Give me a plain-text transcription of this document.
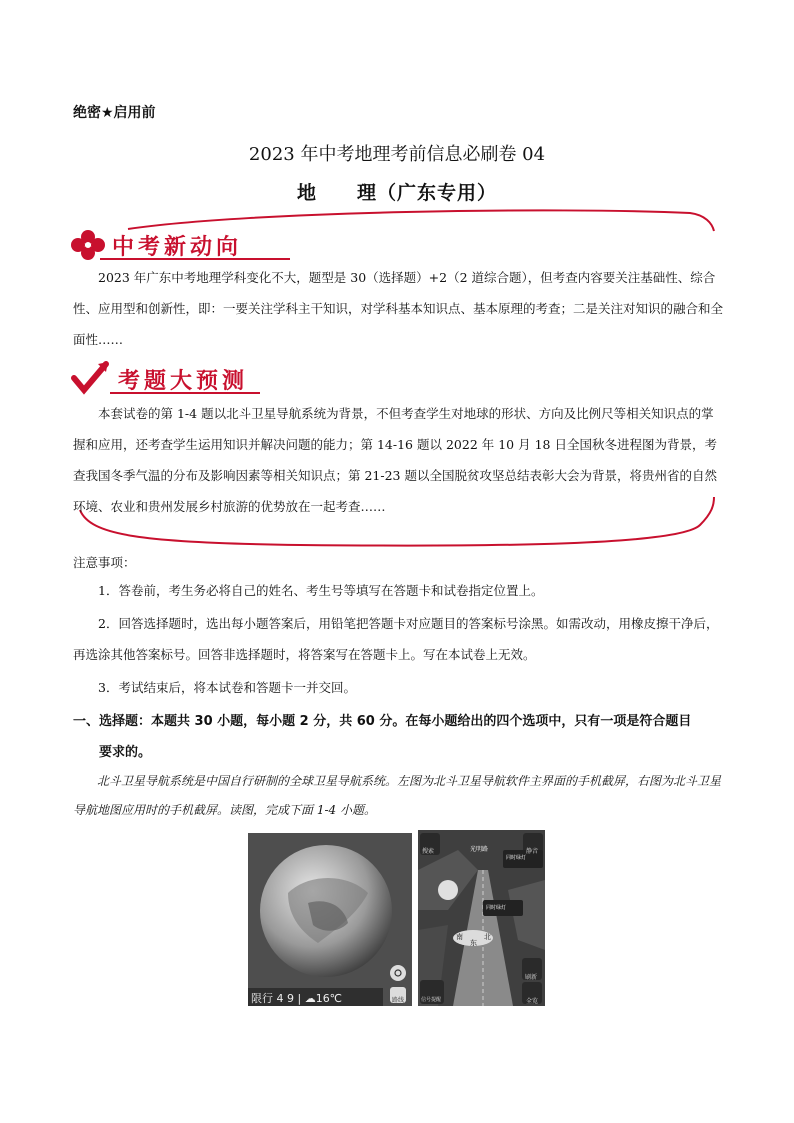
绝密★启用前
2023 年中考地理考前信息必刷卷 04
地　　理（广东专用）
中考新动向
2023 年广东中考地理学科变化不大，题型是 30（选择题）+2（2 道综合题），但考查内容要关注基础性、综合性、应用型和创新性，即：一要关注学科主干知识，对学科基本知识点、基本原理的考查；二是关注对知识的融合和全面性……
考题大预测
本套试卷的第 1-4 题以北斗卫星导航系统为背景，不但考查学生对地球的形状、方向及比例尺等相关知识点的掌握和应用，还考查学生运用知识并解决问题的能力；第 14-16 题以 2022 年 10 月 18 日全国秋冬进程图为背景，考查我国冬季气温的分布及影响因素等相关知识点；第 21-23 题以全国脱贫攻坚总结表彰大会为背景，将贵州省的自然环境、农业和贵州发展乡村旅游的优势放在一起考查……
注意事项：
1．答卷前，考生务必将自己的姓名、考生号等填写在答题卡和试卷指定位置上。
2．回答选择题时，选出每小题答案后，用铅笔把答题卡对应题目的答案标号涂黑。如需改动，用橡皮擦干净后，再选涂其他答案标号。回答非选择题时，将答案写在答题卡上。写在本试卷上无效。
3．考试结束后，将本试卷和答题卡一并交回。
一、选择题：本题共 30 小题，每小题 2 分，共 60 分。在每小题给出的四个选项中，只有一项是符合题目
要求的。
北斗卫星导航系统是中国自行研制的全球卫星导航系统。左图为北斗卫星导航软件主界面的手机截屏，右图为北斗卫星导航地图应用时的手机截屏。读图，完成下面 1-4 小题。
限行 4 9 | ☁16℃	路线
搜索	静音
光明路
同时绿灯
同时绿灯
南
东
北
刷新
信号提醒	全览
